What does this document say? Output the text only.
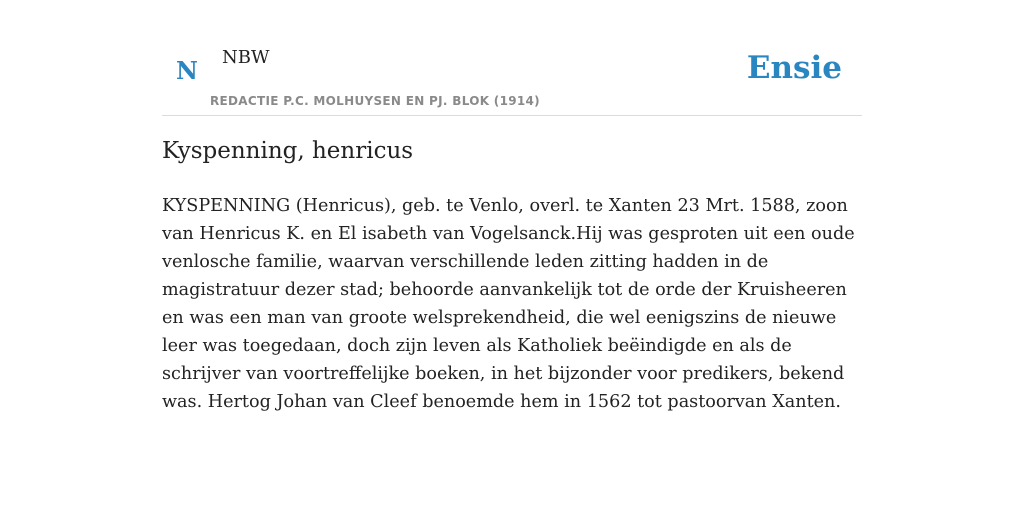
N NBW
REDACTIE P.C. MOLHUYSEN EN PJ. BLOK (1914)
Ensie
Kyspenning, henricus

KYSPENNING (Henricus), geb. te Venlo, overl. te Xanten 23 Mrt. 1588, zoon van Henricus K. en El isabeth van Vogelsanck.Hij was gesproten uit een oude venlosche familie, waarvan verschillende leden zitting hadden in de magistratuur dezer stad; behoorde aanvankelijk tot de orde der Kruisheeren en was een man van groote welsprekendheid, die wel eenigszins de nieuwe leer was toegedaan, doch zijn leven als Katholiek beëindigde en als de schrijver van voortreffelijke boeken, in het bijzonder voor predikers, bekend was. Hertog Johan van Cleef benoemde hem in 1562 tot pastoorvan Xanten.
